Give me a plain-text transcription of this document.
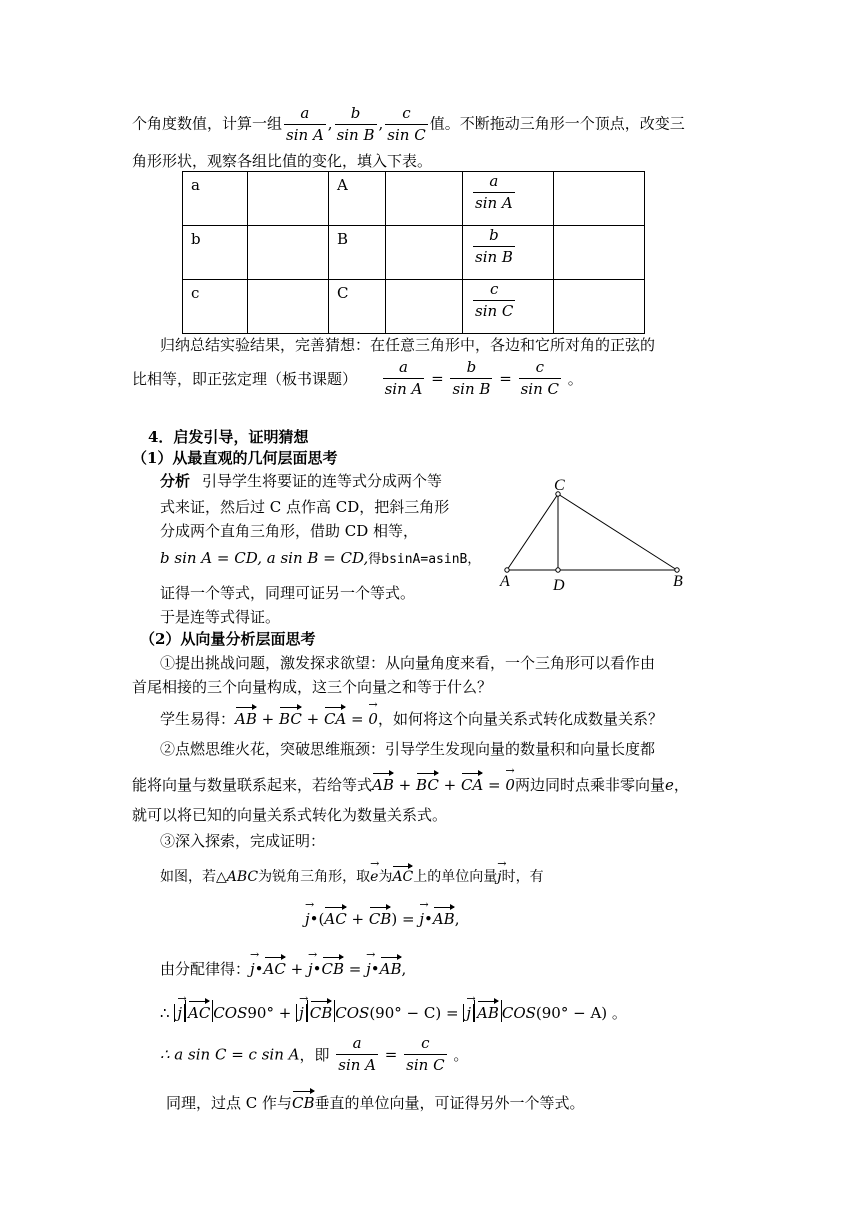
个角度数值，计算一组 $\frac{a}{\text{sin A}}$ , $\frac{b}{\text{sin B}}$ , $\frac{c}{\text{sin C}}$ 值。不断拖动三角形一个顶点，改变三
角形形状，观察各组比值的变化，填入下表。
a		A		$\frac{a}{\text{sin A}}$

b		B		$\frac{b}{\text{sin B}}$

c		C		$\frac{c}{\text{sin C}}$

归纳总结实验结果，完善猜想：在任意三角形中，各边和它所对角的正弦的
比相等，即正弦定理（板书课题） $\frac{a}{\text{sin A}} = \frac{b}{\text{sin B}} = \frac{c}{\text{sin C}}$ 。
4．启发引导，证明猜想
（1）从最直观的几何层面思考
分析 引导学生将要证的连等式分成两个等
式来证，然后过 C 点作高 CD，把斜三角形
分成两个直角三角形，借助 CD 相等，
b sin A = CD, a sin B = CD,得bsinA=asinB，
证得一个等式，同理可证另一个等式。
于是连等式得证。
C
A	D	B
（2）从向量分析层面思考
①提出挑战问题，激发探求欲望：从向量角度来看，一个三角形可以看作由
首尾相接的三个向量构成，这三个向量之和等于什么？
学生易得：AB + BC + CA = → 0，如何将这个向量关系式转化成数量关系？
②点燃思维火花，突破思维瓶颈：引导学生发现向量的数量积和向量长度都
能将向量与数量联系起来，若给等式AB + BC + CA = → 0两边同时点乘非零向量e，
就可以将已知的向量关系式转化为数量关系式。
③深入探索，完成证明：
如图，若△ABC为锐角三角形，取→ e为AC上的单位向量→ j时，有
→ j•(AC + CB) = → j•AB,
由分配律得：→ j•AC + → j•CB = → j•AB,
∴ → j AC COS90° + → j CB COS(90° − C) = → j AB COS(90° − A) 。
∴ a sin C = c sin A，即 $\frac{a}{\text{sin A}} = \frac{c}{\text{sin C}}$ 。
同理，过点 C 作与CB垂直的单位向量，可证得另外一个等式。
